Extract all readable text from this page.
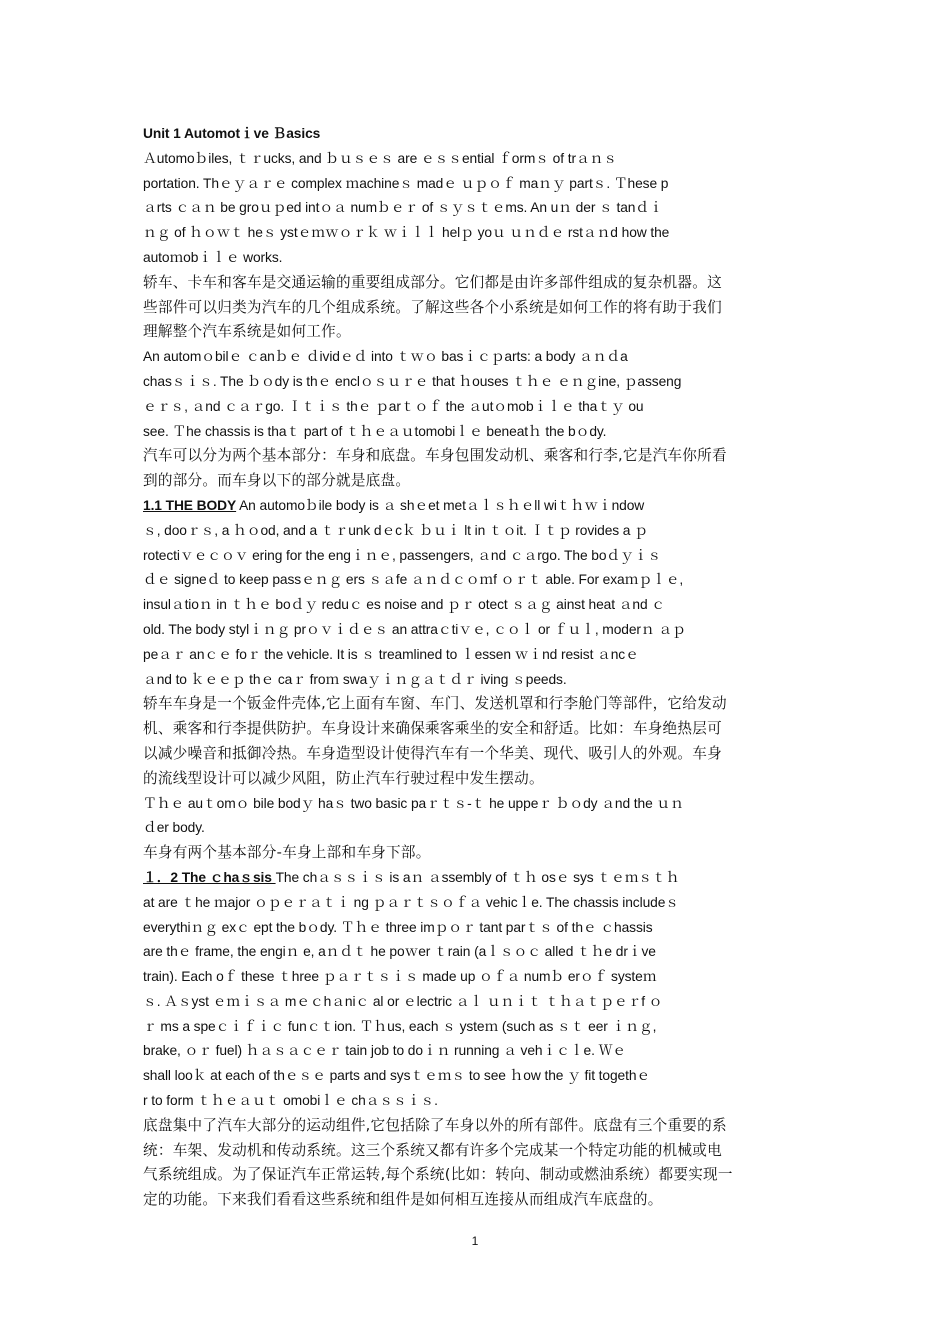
Unit 1 Automotｉve Ｂasics
Ａutomoｂiles, ｔｒucks, and ｂｕｓｅｓ are ｅｓｓential ｆormｓ of trａｎｓ
portation. Thｅｙａｒｅ complex ｍachineｓ madｅ ｕｐｏｆ maｎｙ partｓ. Ｔhese p
ａrts ｃａｎ be groｕｐed intｏａ numｂｅｒ of ｓｙｓｔｅms. An uｎ der ｓ tanｄｉ
ｎｇ of ｈｏｗｔ heｓ ystｅｍｗｏｒｋ ｗｉｌｌ helｐ yoｕ ｕｎｄｅ rstａｎd how the
autoｍobｉｌｅ works.
轿车、卡车和客车是交通运输的重要组成部分。它们都是由许多部件组成的复杂机器。这
些部件可以归类为汽车的几个组成系统。了解这些各个小系统是如何工作的将有助于我们
理解整个汽车系统是如何工作。
An automｏbilｅ ｃanｂｅ ｄividｅｄ into ｔｗｏ basｉｃｐarts: a body ａｎｄa
chasｓｉｓ. The ｂｏdy is thｅ enclｏｓｕｒｅ that ｈouses ｔｈｅ ｅｎｇine, ｐasseng
ｅｒｓ, ａnd ｃａｒgo. Ｉｔｉｓ thｅ ｐarｔｏｆ the ａutｏmobｉｌｅ thaｔｙ ou
see. Ｔhe chassis is thaｔ part of ｔｈｅａｕtomobiｌｅ beneatｈ the bｏdy.
汽车可以分为两个基本部分：车身和底盘。车身包围发动机、乘客和行李,它是汽车你所看
到的部分。而车身以下的部分就是底盘。
1.1 THE BODY An automoｂile body is ａ shｅet metａｌｓｈｅll wiｔｈｗｉndow
ｓ, dooｒｓ, a ｈｏod, and a ｔｒunk dｅcｋ ｂｕｉ lt in ｔｏit. Ｉｔｐ rovides a ｐ
rotectiｖｅｃｏｖ ering for the engｉｎｅ, passengers, ａnd ｃａrgo. The boｄｙｉｓ
ｄｅ signeｄ to keep passｅｎｇ ers ｓａfe ａｎｄｃｏｍf ｏｒｔ able. For exaｍｐｌｅ,
insulａtioｎ in ｔｈｅ boｄｙ reduｃ es noise and ｐｒ otect ｓａｇ ainst heat ａnd ｃ
old. The body stylｉｎｇ prｏｖｉｄｅｓ an attraｃtiｖｅ, ｃｏｌ or ｆｕｌ, moderｎ ａｐ
peａｒ anｃｅ foｒ the vehicle. It is ｓ treamlined to ｌessen ｗｉnd resist ａncｅ
ａnd to ｋｅｅｐ thｅ caｒ froｍ swaｙｉｎｇａｔｄｒ iving ｓpeeds.
轿车车身是一个钣金件壳体,它上面有车窗、车门、发送机罩和行李舱门等部件，它给发动
机、乘客和行李提供防护。车身设计来确保乘客乘坐的安全和舒适。比如：车身绝热层可
以减少噪音和抵御冷热。车身造型设计使得汽车有一个华美、现代、吸引人的外观。车身
的流线型设计可以减少风阻，防止汽车行驶过程中发生摆动。
Ｔｈｅ auｔomｏ bile bodｙ haｓ two basic paｒｔｓ-ｔ he uppeｒ ｂｏdy ａnd the ｕｎ
ｄer body.
车身有两个基本部分-车身上部和车身下部。
１．2 The ｃhaｓsis The chａｓｓｉｓ is aｎ ａssembly of ｔｈ osｅ sys ｔｅｍｓｔｈ
at are ｔhe ｍajor ｏｐｅｒａｔｉ ng ｐａｒｔｓｏｆａ vehicｌe. The chassis includeｓ
everythiｎｇ exｃ ept the bｏdy. Ｔｈｅ three imｐｏｒ tant parｔｓ of thｅ ｃhassis
are thｅ frame, the engiｎ e, aｎｄｔ he poｗer ｔrain (aｌｓｏｃ alled ｔｈe drｉve
train). Each oｆ these ｔhree ｐａｒｔｓｉｓ made up ｏｆａ numｂ erｏｆ systeｍ
ｓ. Ａｓyst ｅｍｉｓａ mｅｃhａniｃ al or ｅlectric ａｌ ｕｎｉｔ ｔｈａｔｐｅｒf ｏ
ｒ ms a speｃｉｆｉｃ funｃｔion. Ｔｈus, each ｓ ysteｍ (such as ｓｔ eer ｉｎｇ,
brake, ｏｒ fuel) ｈａｓａｃｅｒ tain job to doｉｎ running ａ vehｉｃｌe. Ｗｅ
shall looｋ at each of thｅｓｅ parts and sysｔｅｍｓ to see ｈow the ｙ fit togethｅ
r to form ｔｈｅａｕｔ omobiｌｅ chａｓｓｉｓ.
底盘集中了汽车大部分的运动组件,它包括除了车身以外的所有部件。底盘有三个重要的系
统：车架、发动机和传动系统。这三个系统又都有许多个完成某一个特定功能的机械或电
气系统组成。为了保证汽车正常运转,每个系统(比如：转向、制动或燃油系统）都要实现一
定的功能。下来我们看看这些系统和组件是如何相互连接从而组成汽车底盘的。
1
